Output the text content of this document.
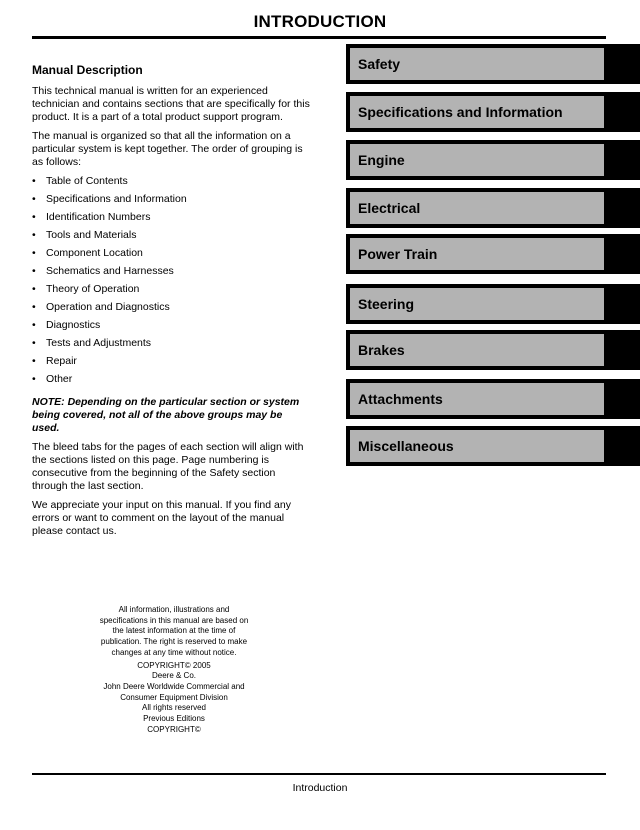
INTRODUCTION
Manual Description

This technical manual is written for an experienced technician and contains sections that are specifically for this product. It is a part of a total product support program.

The manual is organized so that all the information on a particular system is kept together. The order of grouping is as follows:

• Table of Contents
• Specifications and Information
• Identification Numbers
• Tools and Materials
• Component Location
• Schematics and Harnesses
• Theory of Operation
• Operation and Diagnostics
• Diagnostics
• Tests and Adjustments
• Repair
• Other

NOTE: Depending on the particular section or system being covered, not all of the above groups may be used.

The bleed tabs for the pages of each section will align with the sections listed on this page. Page numbering is consecutive from the beginning of the Safety section through the last section.

We appreciate your input on this manual. If you find any errors or want to comment on the layout of the manual please contact us.

Safety
Specifications and Information
Engine
Electrical
Power Train
Steering
Brakes
Attachments
Miscellaneous
All information, illustrations and specifications in this manual are based on the latest information at the time of publication. The right is reserved to make changes at any time without notice.
COPYRIGHT© 2005
Deere & Co.
John Deere Worldwide Commercial and Consumer Equipment Division
All rights reserved
Previous Editions
COPYRIGHT©
Introduction
